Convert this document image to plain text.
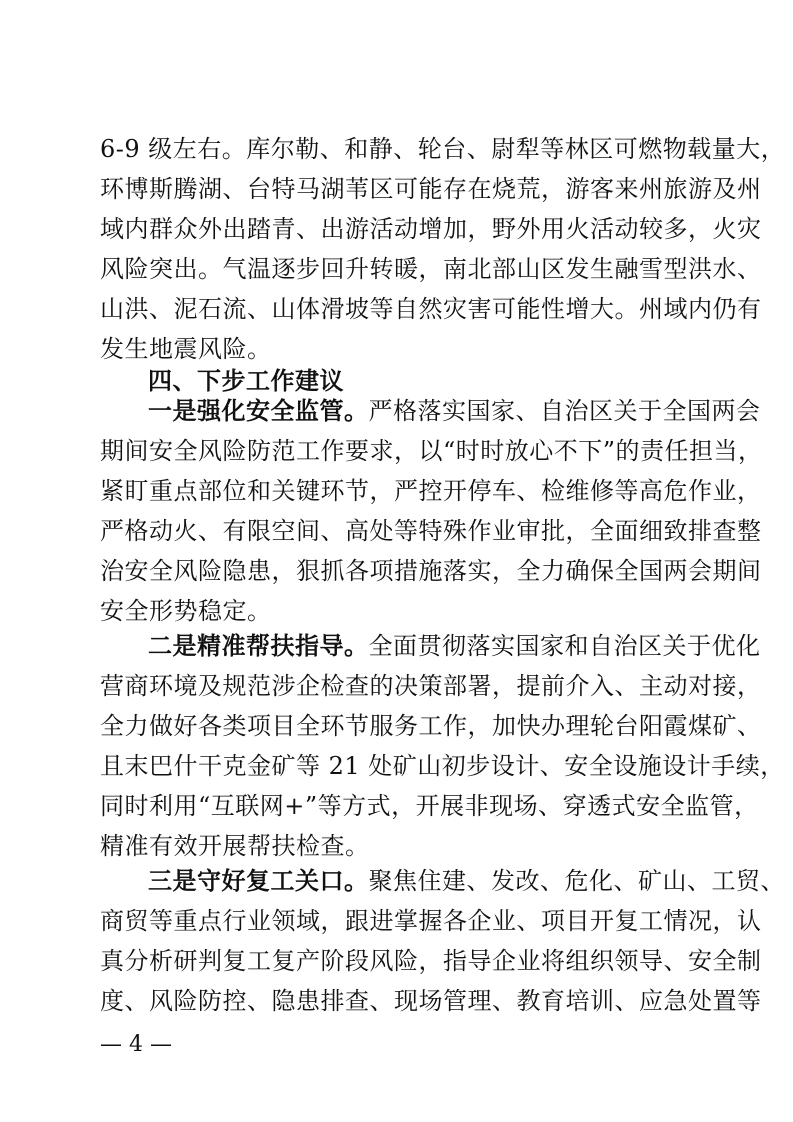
6-9 级左右。库尔勒、和静、轮台、尉犁等林区可燃物载量大，
环博斯腾湖、台特马湖苇区可能存在烧荒，游客来州旅游及州
域内群众外出踏青、出游活动增加，野外用火活动较多，火灾
风险突出。气温逐步回升转暖，南北部山区发生融雪型洪水、
山洪、泥石流、山体滑坡等自然灾害可能性增大。州域内仍有
发生地震风险。
四、下步工作建议
一是强化安全监管。严格落实国家、自治区关于全国两会
期间安全风险防范工作要求，以“时时放心不下”的责任担当，
紧盯重点部位和关键环节，严控开停车、检维修等高危作业，
严格动火、有限空间、高处等特殊作业审批，全面细致排查整
治安全风险隐患，狠抓各项措施落实，全力确保全国两会期间
安全形势稳定。
二是精准帮扶指导。全面贯彻落实国家和自治区关于优化
营商环境及规范涉企检查的决策部署，提前介入、主动对接，
全力做好各类项目全环节服务工作，加快办理轮台阳霞煤矿、
且末巴什干克金矿等 21 处矿山初步设计、安全设施设计手续，
同时利用“互联网+”等方式，开展非现场、穿透式安全监管，
精准有效开展帮扶检查。
— 4 —
三是守好复工关口。聚焦住建、发改、危化、矿山、工贸、
商贸等重点行业领域，跟进掌握各企业、项目开复工情况，认
真分析研判复工复产阶段风险，指导企业将组织领导、安全制
度、风险防控、隐患排查、现场管理、教育培训、应急处置等
